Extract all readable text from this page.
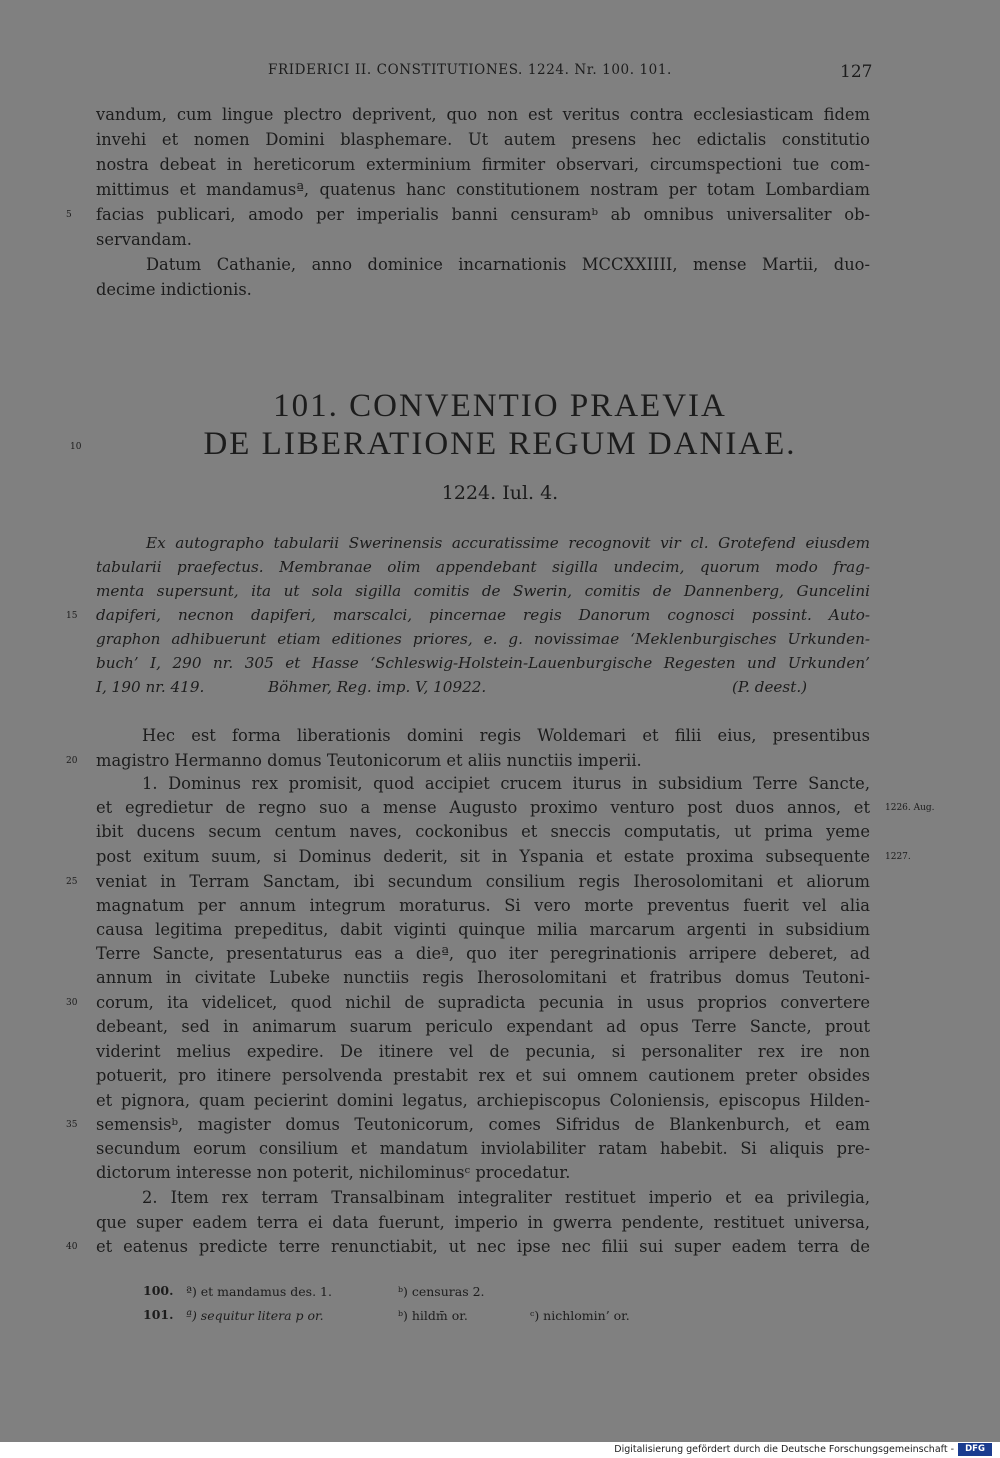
FRIDERICI II. CONSTITUTIONES. 1224. Nr. 100. 101.	127
vandum, cum lingue plectro deprivent, quo non est veritus contra ecclesiasticam fidem
invehi et nomen Domini blasphemare. Ut autem presens hec edictalis constitutio
nostra debeat in hereticorum exterminium firmiter observari, circumspectioni tue com-
mittimus et mandamusª, quatenus hanc constitutionem nostram per totam Lombardiam
facias publicari, amodo per imperialis banni censuramᵇ ab omnibus universaliter ob-
servandam.
Datum Cathanie, anno dominice incarnationis MCCXXIIII, mense Martii, duo-
decime indictionis.
101. CONVENTIO PRAEVIA
DE LIBERATIONE REGUM DANIAE.
1224. Iul. 4.
Ex autographo tabularii Swerinensis accuratissime recognovit vir cl. Grotefend eiusdem
tabularii praefectus. Membranae olim appendebant sigilla undecim, quorum modo frag-
menta supersunt, ita ut sola sigilla comitis de Swerin, comitis de Dannenberg, Guncelini
dapiferi, necnon dapiferi, marscalci, pincernae regis Danorum cognosci possint. Auto-
graphon adhibuerunt etiam editiones priores, e. g. novissimae ‘Meklenburgisches Urkunden-
buch’ I, 290 nr. 305 et Hasse ‘Schleswig-Holstein-Lauenburgische Regesten und Urkunden’
I, 190 nr. 419.	Böhmer, Reg. imp. V, 10922.	(P. deest.)
Hec est forma liberationis domini regis Woldemari et filii eius, presentibus
magistro Hermanno domus Teutonicorum et aliis nunctiis imperii.
1. Dominus rex promisit, quod accipiet crucem iturus in subsidium Terre Sancte,
et egredietur de regno suo a mense Augusto proximo venturo post duos annos, et
ibit ducens secum centum naves, cockonibus et sneccis computatis, ut prima yeme
post exitum suum, si Dominus dederit, sit in Yspania et estate proxima subsequente
veniat in Terram Sanctam, ibi secundum consilium regis Iherosolomitani et aliorum
magnatum per annum integrum moraturus. Si vero morte preventus fuerit vel alia
causa legitima prepeditus, dabit viginti quinque milia marcarum argenti in subsidium
Terre Sancte, presentaturus eas a dieª, quo iter peregrinationis arripere deberet, ad
annum in civitate Lubeke nunctiis regis Iherosolomitani et fratribus domus Teutoni-
corum, ita videlicet, quod nichil de supradicta pecunia in usus proprios convertere
debeant, sed in animarum suarum periculo expendant ad opus Terre Sancte, prout
viderint melius expedire. De itinere vel de pecunia, si personaliter rex ire non
potuerit, pro itinere persolvenda prestabit rex et sui omnem cautionem preter obsides
et pignora, quam pecierint domini legatus, archiepiscopus Coloniensis, episcopus Hilden-
semensisᵇ, magister domus Teutonicorum, comes Sifridus de Blankenburch, et eam
secundum eorum consilium et mandatum inviolabiliter ratam habebit. Si aliquis pre-
dictorum interesse non poterit, nichilominusᶜ procedatur.
2. Item rex terram Transalbinam integraliter restituet imperio et ea privilegia,
que super eadem terra ei data fuerunt, imperio in gwerra pendente, restituet universa,
et eatenus predicte terre renunctiabit, ut nec ipse nec filii sui super eadem terra de
5
10
15
20
25
30
35
40
1226. Aug.
1227.
100. ª) et mandamus des. 1.	ᵇ) censuras 2.
101. ª) sequitur litera p or.	ᵇ) hildm̄ or.	ᶜ) nichlomin’ or.
Digitalisierung gefördert durch die Deutsche Forschungsgemeinschaft -	DFG
